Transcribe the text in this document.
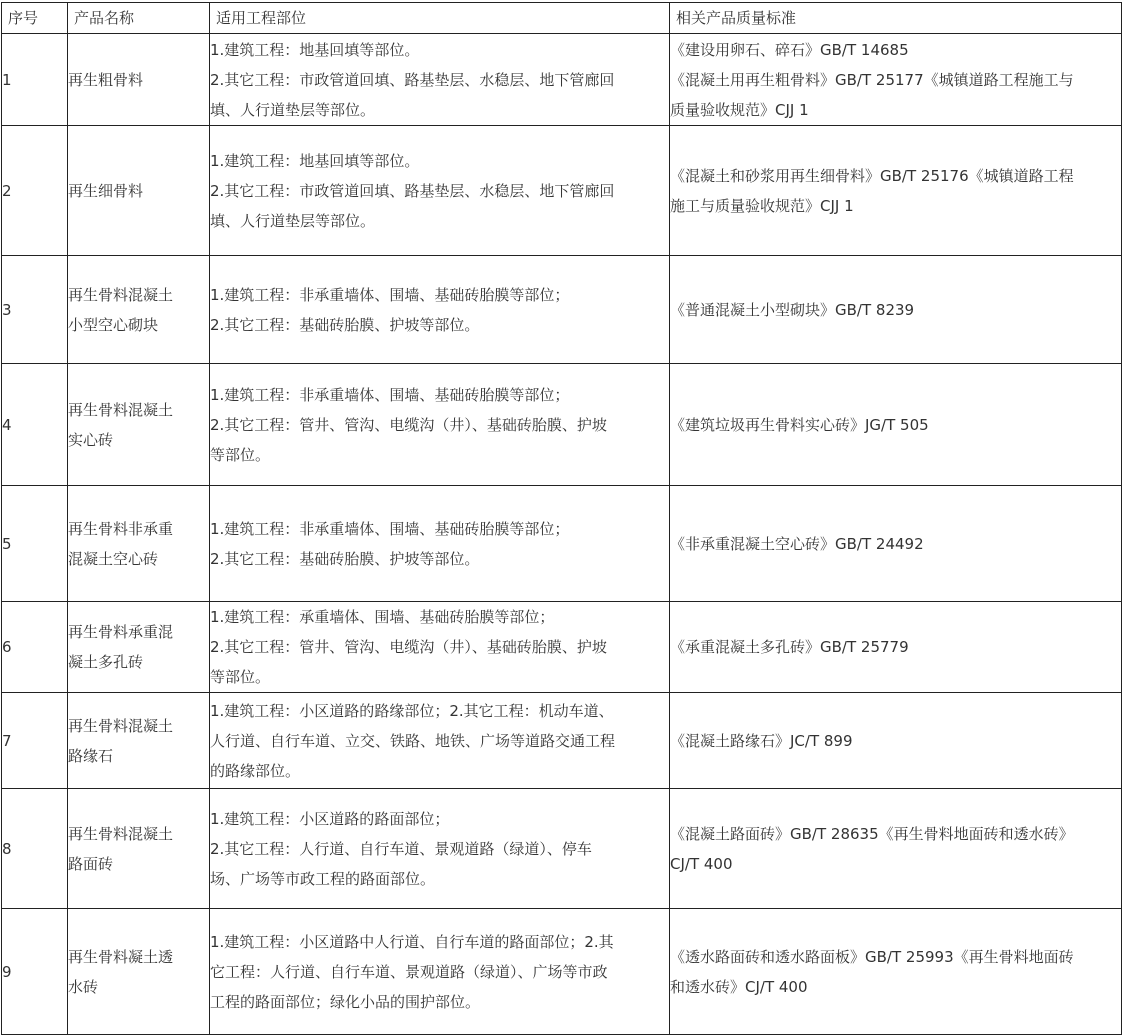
序号	产品名称	适用工程部位	相关产品质量标准

1	再生粗骨料	1.建筑工程：地基回填等部位。
2.其它工程：市政管道回填、路基垫层、水稳层、地下管廊回
填、人行道垫层等部位。	《建设用卵石、碎石》GB/T 14685
《混凝土用再生粗骨料》GB/T 25177《城镇道路工程施工与
质量验收规范》CJJ 1

2	再生细骨料	1.建筑工程：地基回填等部位。
2.其它工程：市政管道回填、路基垫层、水稳层、地下管廊回
填、人行道垫层等部位。	《混凝土和砂浆用再生细骨料》GB/T 25176《城镇道路工程
施工与质量验收规范》CJJ 1

3	再生骨料混凝土
小型空心砌块	1.建筑工程：非承重墙体、围墙、基础砖胎膜等部位；
2.其它工程：基础砖胎膜、护坡等部位。	《普通混凝土小型砌块》GB/T 8239

4	再生骨料混凝土
实心砖	1.建筑工程：非承重墙体、围墙、基础砖胎膜等部位；
2.其它工程：管井、管沟、电缆沟（井）、基础砖胎膜、护坡
等部位。	《建筑垃圾再生骨料实心砖》JG/T 505

5	再生骨料非承重
混凝土空心砖	1.建筑工程：非承重墙体、围墙、基础砖胎膜等部位；
2.其它工程：基础砖胎膜、护坡等部位。	《非承重混凝土空心砖》GB/T 24492

6	再生骨料承重混
凝土多孔砖	1.建筑工程：承重墙体、围墙、基础砖胎膜等部位；
2.其它工程：管井、管沟、电缆沟（井）、基础砖胎膜、护坡
等部位。	《承重混凝土多孔砖》GB/T 25779

7	再生骨料混凝土
路缘石	1.建筑工程：小区道路的路缘部位；2.其它工程：机动车道、
人行道、自行车道、立交、铁路、地铁、广场等道路交通工程
的路缘部位。	《混凝土路缘石》JC/T 899

8	再生骨料混凝土
路面砖	1.建筑工程：小区道路的路面部位；
2.其它工程：人行道、自行车道、景观道路（绿道）、停车
场、广场等市政工程的路面部位。	《混凝土路面砖》GB/T 28635《再生骨料地面砖和透水砖》
CJ/T 400

9	再生骨料凝土透
水砖	1.建筑工程：小区道路中人行道、自行车道的路面部位；2.其
它工程：人行道、自行车道、景观道路（绿道）、广场等市政
工程的路面部位；绿化小品的围护部位。	《透水路面砖和透水路面板》GB/T 25993《再生骨料地面砖
和透水砖》CJ/T 400
